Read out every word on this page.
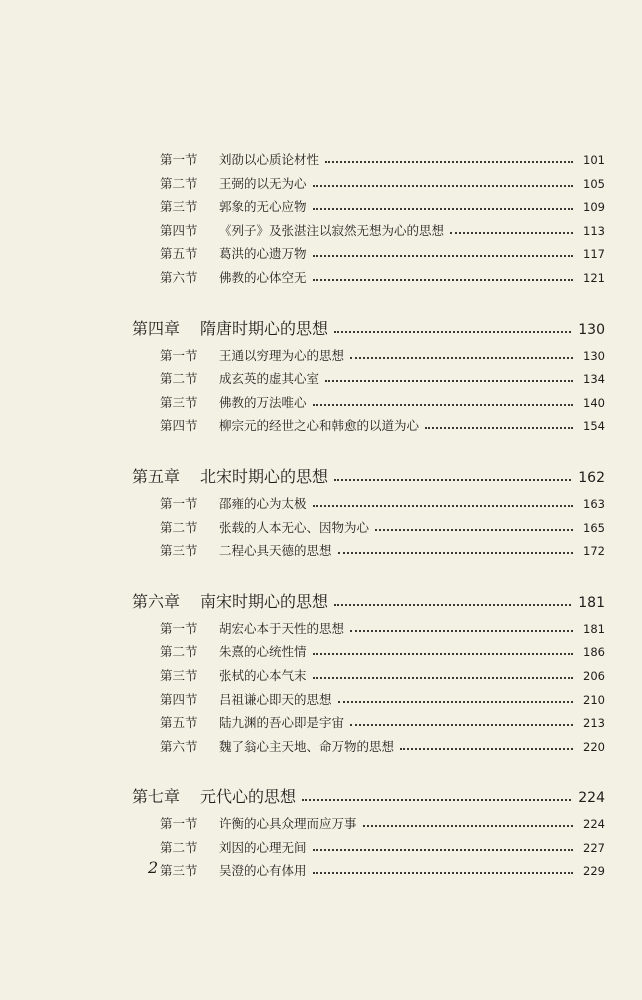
第一节	刘劭以心质论材性	101
第二节	王弼的以无为心	105
第三节	郭象的无心应物	109
第四节	《列子》及张湛注以寂然无想为心的思想	113
第五节	葛洪的心遗万物	117
第六节	佛教的心体空无	121
第四章	隋唐时期心的思想	130
第一节	王通以穷理为心的思想	130
第二节	成玄英的虚其心室	134
第三节	佛教的万法唯心	140
第四节	柳宗元的经世之心和韩愈的以道为心	154
第五章	北宋时期心的思想	162
第一节	邵雍的心为太极	163
第二节	张载的人本无心、因物为心	165
第三节	二程心具天德的思想	172
第六章	南宋时期心的思想	181
第一节	胡宏心本于天性的思想	181
第二节	朱熹的心统性情	186
第三节	张栻的心本气末	206
第四节	吕祖谦心即天的思想	210
第五节	陆九渊的吾心即是宇宙	213
第六节	魏了翁心主天地、命万物的思想	220
第七章	元代心的思想	224
第一节	许衡的心具众理而应万事	224
第二节	刘因的心理无间	227
第三节	吴澄的心有体用	229
2
